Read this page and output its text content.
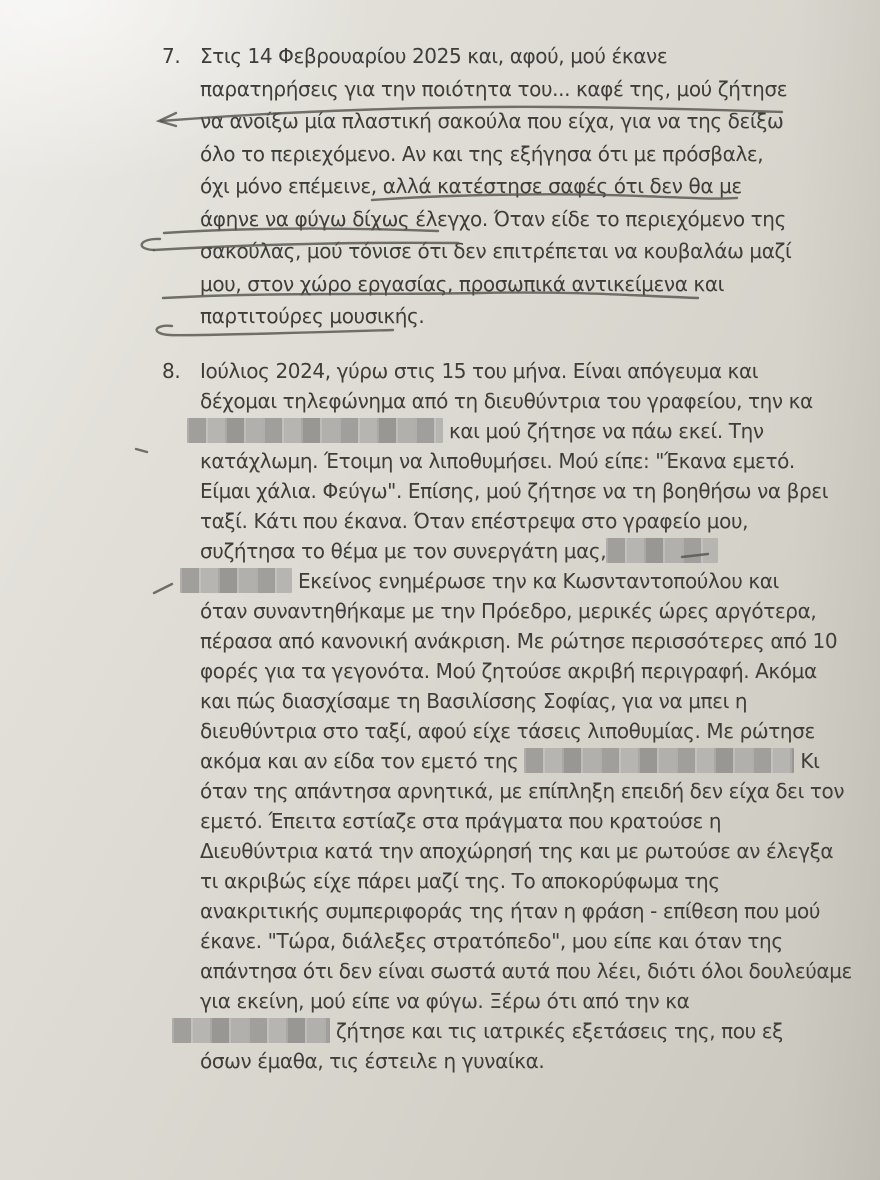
7. Στις 14 Φεβρουαρίου 2025 και, αφού, μού έκανε
παρατηρήσεις για την ποιότητα του... καφέ της, μού ζήτησε
να ανοίξω μία πλαστική σακούλα που είχα, για να της δείξω
όλο το περιεχόμενο. Αν και της εξήγησα ότι με πρόσβαλε,
όχι μόνο επέμεινε, αλλά κατέστησε σαφές ότι δεν θα με
άφηνε να φύγω δίχως έλεγχο. Όταν είδε το περιεχόμενο της
σακούλας, μού τόνισε ότι δεν επιτρέπεται να κουβαλάω μαζί
μου, στον χώρο εργασίας, προσωπικά αντικείμενα και
παρτιτούρες μουσικής.
8. Ιούλιος 2024, γύρω στις 15 του μήνα. Είναι απόγευμα και
δέχομαι τηλεφώνημα από τη διευθύντρια του γραφείου, την κα
και μού ζήτησε να πάω εκεί. Την
κατάχλωμη. Έτοιμη να λιποθυμήσει. Μού είπε: "Έκανα εμετό.
Είμαι χάλια. Φεύγω". Επίσης, μού ζήτησε να τη βοηθήσω να βρει
ταξί. Κάτι που έκανα. Όταν επέστρεψα στο γραφείο μου,
συζήτησα το θέμα με τον συνεργάτη μας,
Εκείνος ενημέρωσε την κα Κωσνταντοπούλου και
όταν συναντηθήκαμε με την Πρόεδρο, μερικές ώρες αργότερα,
πέρασα από κανονική ανάκριση. Με ρώτησε περισσότερες από 10
φορές για τα γεγονότα. Μού ζητούσε ακριβή περιγραφή. Ακόμα
και πώς διασχίσαμε τη Βασιλίσσης Σοφίας, για να μπει η
διευθύντρια στο ταξί, αφού είχε τάσεις λιποθυμίας. Με ρώτησε
ακόμα και αν είδα τον εμετό της	Κι
όταν της απάντησα αρνητικά, με επίπληξη επειδή δεν είχα δει τον
εμετό. Έπειτα εστίαζε στα πράγματα που κρατούσε η
Διευθύντρια κατά την αποχώρησή της και με ρωτούσε αν έλεγξα
τι ακριβώς είχε πάρει μαζί της. Το αποκορύφωμα της
ανακριτικής συμπεριφοράς της ήταν η φράση - επίθεση που μού
έκανε. "Τώρα, διάλεξες στρατόπεδο", μου είπε και όταν της
απάντησα ότι δεν είναι σωστά αυτά που λέει, διότι όλοι δουλεύαμε
για εκείνη, μού είπε να φύγω. Ξέρω ότι από την κα
ζήτησε και τις ιατρικές εξετάσεις της, που εξ
όσων έμαθα, τις έστειλε η γυναίκα.
